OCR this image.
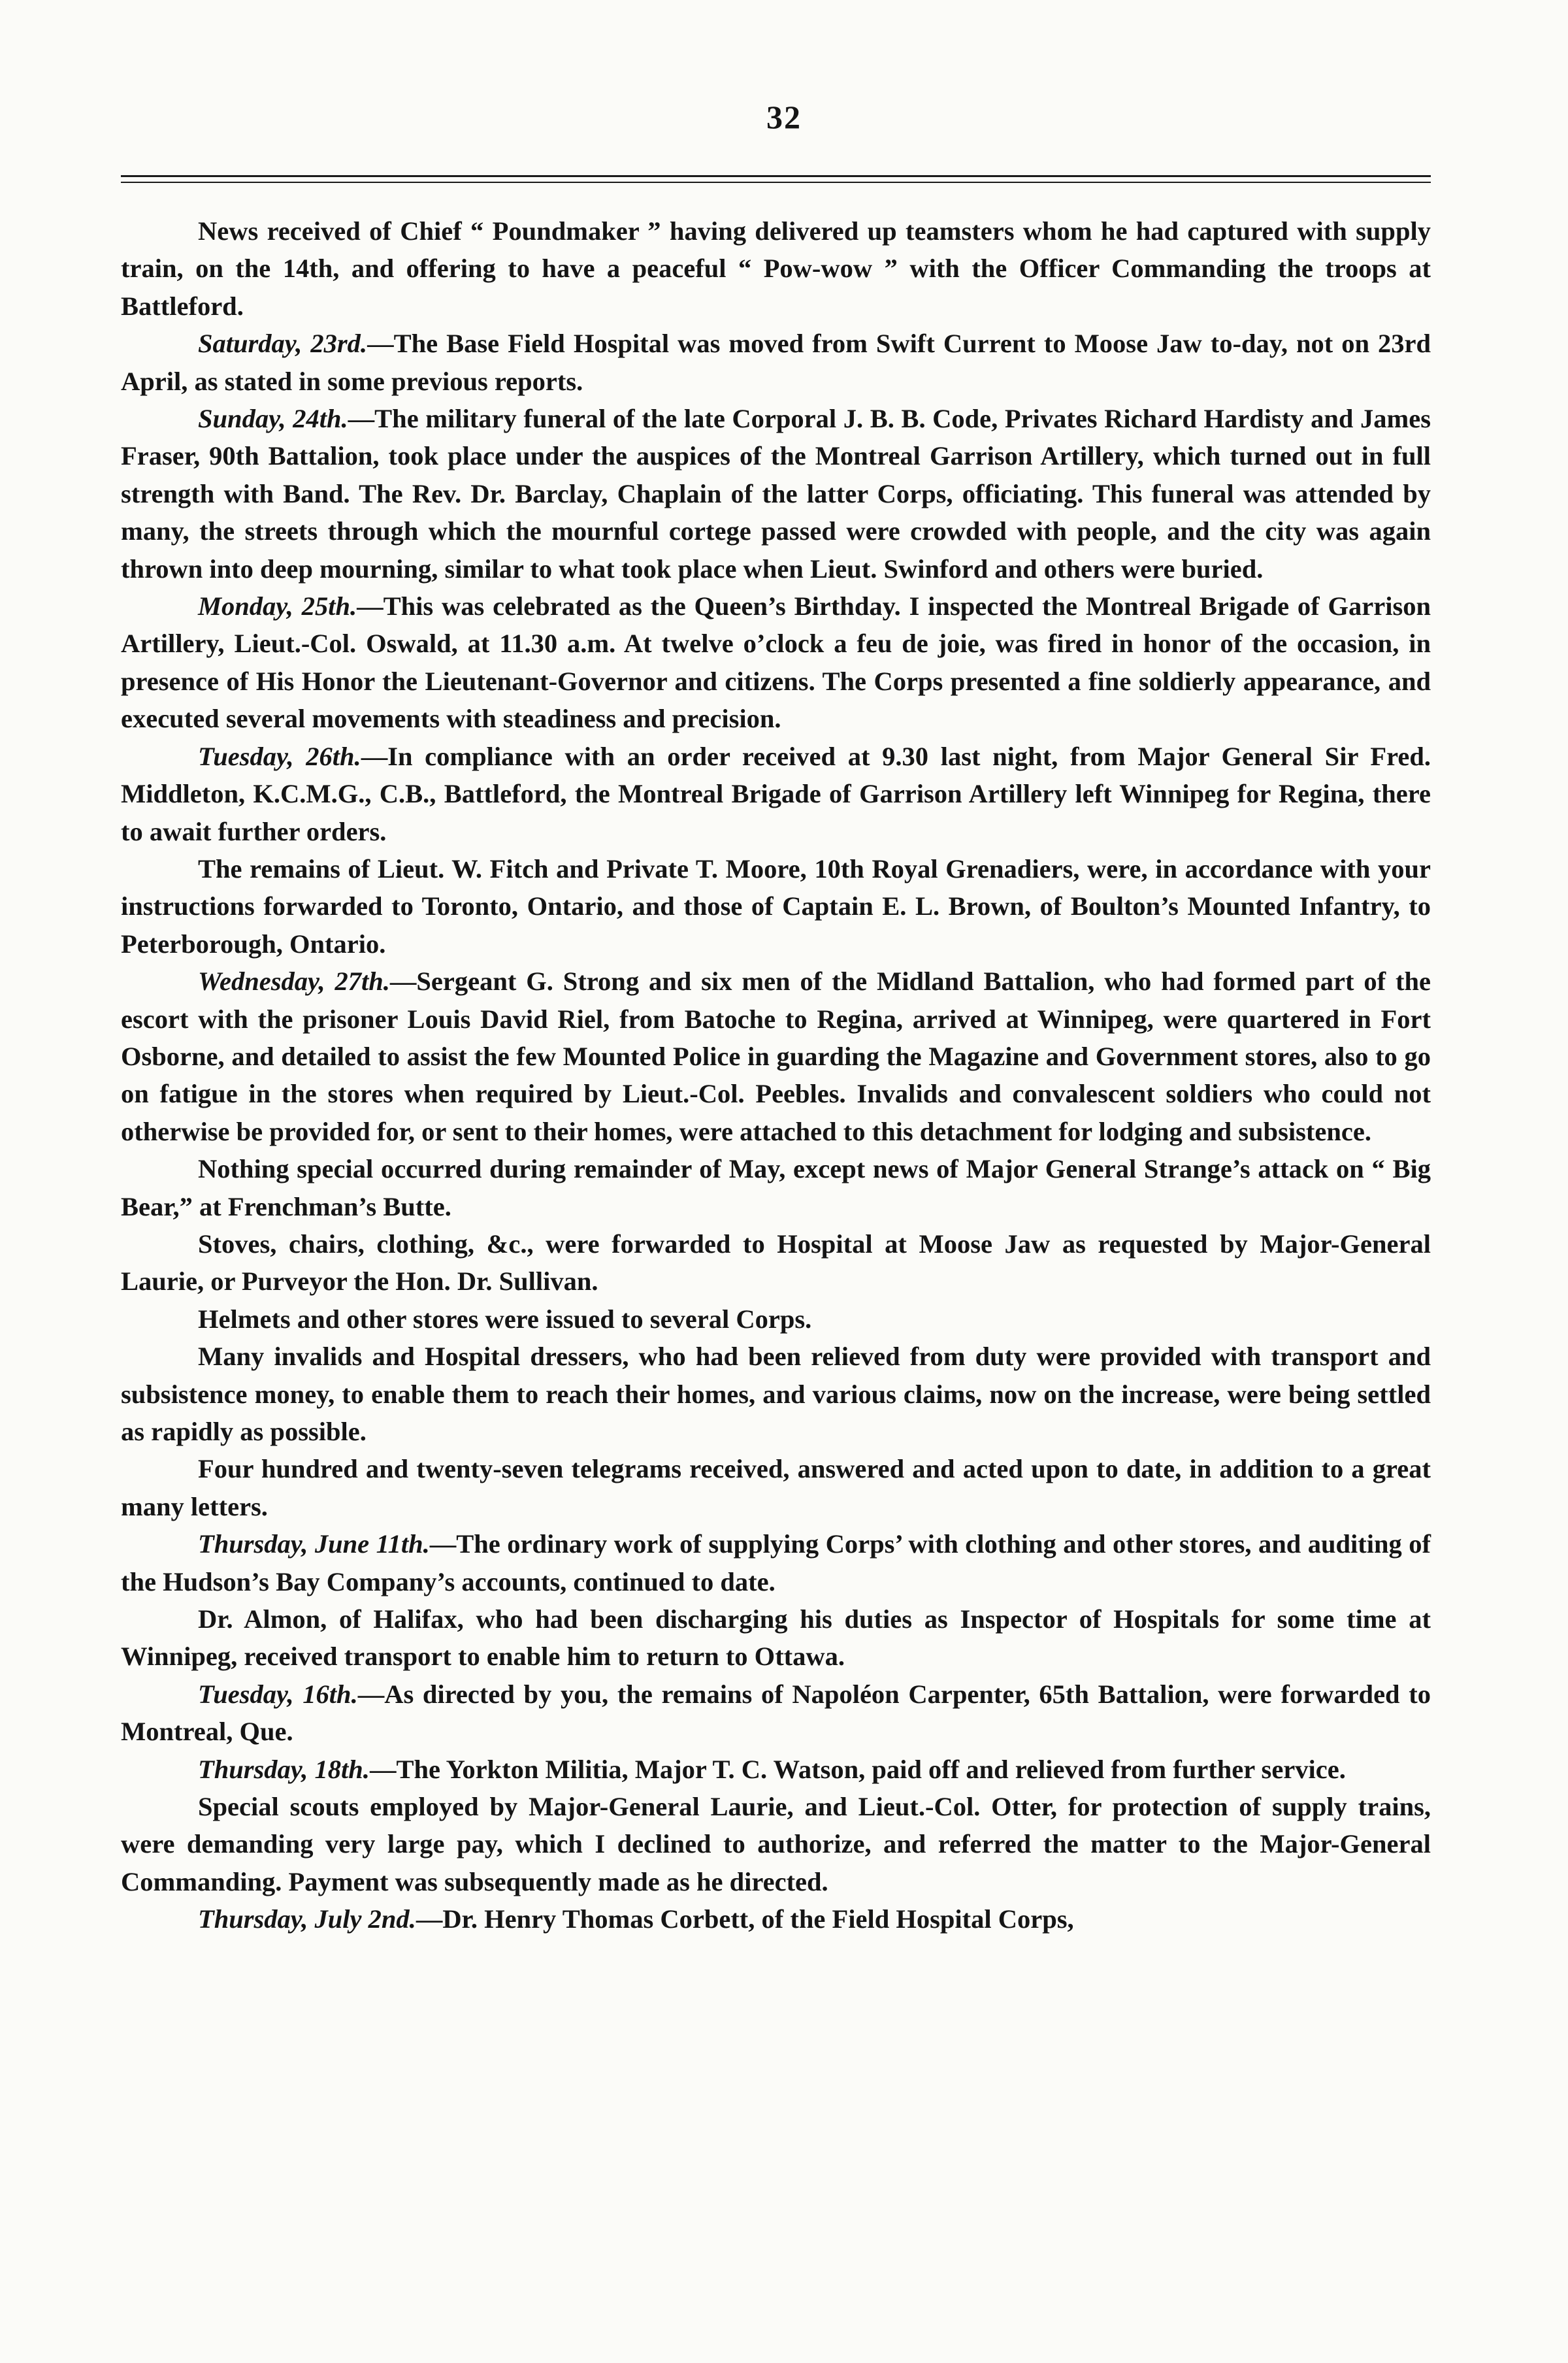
32

News received of Chief “ Poundmaker ” having delivered up teamsters whom he had captured with supply train, on the 14th, and offering to have a peaceful “ Pow-wow ” with the Officer Commanding the troops at Battleford.

Saturday, 23rd.—The Base Field Hospital was moved from Swift Current to Moose Jaw to-day, not on 23rd April, as stated in some previous reports.

Sunday, 24th.—The military funeral of the late Corporal J. B. B. Code, Privates Richard Hardisty and James Fraser, 90th Battalion, took place under the auspices of the Montreal Garrison Artillery, which turned out in full strength with Band. The Rev. Dr. Barclay, Chaplain of the latter Corps, officiating. This funeral was attended by many, the streets through which the mournful cortege passed were crowded with people, and the city was again thrown into deep mourning, similar to what took place when Lieut. Swinford and others were buried.

Monday, 25th.—This was celebrated as the Queen’s Birthday. I inspected the Montreal Brigade of Garrison Artillery, Lieut.-Col. Oswald, at 11.30 a.m. At twelve o’clock a feu de joie, was fired in honor of the occasion, in presence of His Honor the Lieutenant-Governor and citizens. The Corps presented a fine soldierly appearance, and executed several movements with steadiness and precision.

Tuesday, 26th.—In compliance with an order received at 9.30 last night, from Major General Sir Fred. Middleton, K.C.M.G., C.B., Battleford, the Montreal Brigade of Garrison Artillery left Winnipeg for Regina, there to await further orders.

The remains of Lieut. W. Fitch and Private T. Moore, 10th Royal Grenadiers, were, in accordance with your instructions forwarded to Toronto, Ontario, and those of Captain E. L. Brown, of Boulton’s Mounted Infantry, to Peterborough, Ontario.

Wednesday, 27th.—Sergeant G. Strong and six men of the Midland Battalion, who had formed part of the escort with the prisoner Louis David Riel, from Batoche to Regina, arrived at Winnipeg, were quartered in Fort Osborne, and detailed to assist the few Mounted Police in guarding the Magazine and Government stores, also to go on fatigue in the stores when required by Lieut.-Col. Peebles. Invalids and convalescent soldiers who could not otherwise be provided for, or sent to their homes, were attached to this detachment for lodging and subsistence.

Nothing special occurred during remainder of May, except news of Major General Strange’s attack on “ Big Bear,” at Frenchman’s Butte.

Stoves, chairs, clothing, &c., were forwarded to Hospital at Moose Jaw as requested by Major-General Laurie, or Purveyor the Hon. Dr. Sullivan.

Helmets and other stores were issued to several Corps.

Many invalids and Hospital dressers, who had been relieved from duty were provided with transport and subsistence money, to enable them to reach their homes, and various claims, now on the increase, were being settled as rapidly as possible.

Four hundred and twenty-seven telegrams received, answered and acted upon to date, in addition to a great many letters.

Thursday, June 11th.—The ordinary work of supplying Corps’ with clothing and other stores, and auditing of the Hudson’s Bay Company’s accounts, continued to date.

Dr. Almon, of Halifax, who had been discharging his duties as Inspector of Hospitals for some time at Winnipeg, received transport to enable him to return to Ottawa.

Tuesday, 16th.—As directed by you, the remains of Napoléon Carpenter, 65th Battalion, were forwarded to Montreal, Que.

Thursday, 18th.—The Yorkton Militia, Major T. C. Watson, paid off and relieved from further service.

Special scouts employed by Major-General Laurie, and Lieut.-Col. Otter, for protection of supply trains, were demanding very large pay, which I declined to authorize, and referred the matter to the Major-General Commanding. Payment was subsequently made as he directed.

Thursday, July 2nd.—Dr. Henry Thomas Corbett, of the Field Hospital Corps,
